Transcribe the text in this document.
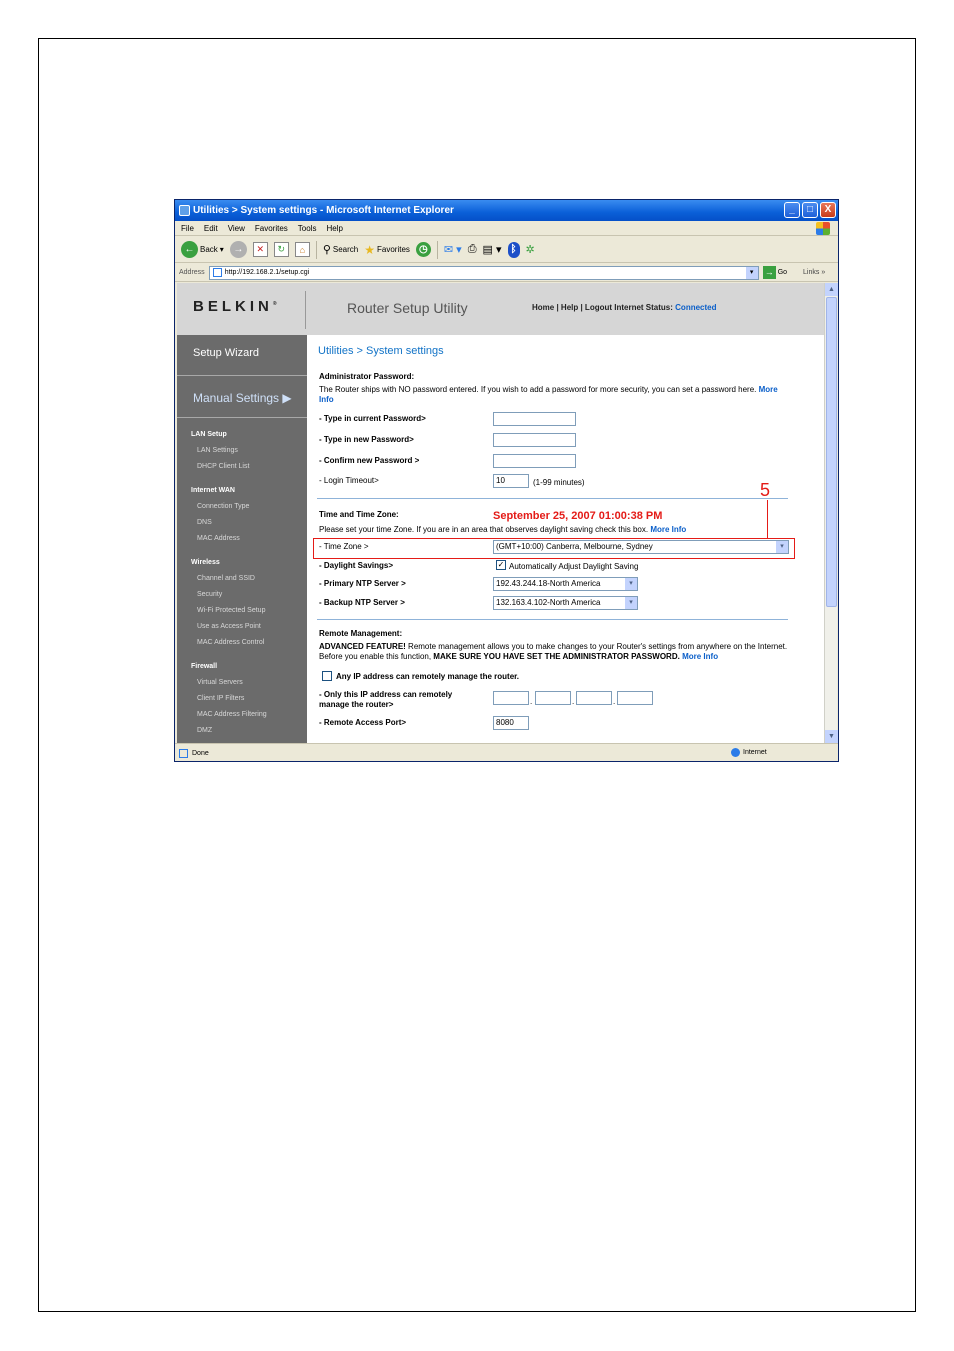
Utilities > System settings - Microsoft Internet Explorer	_	□	X
File Edit View Favorites Tools Help
← Back ▾ →	✕	↻	⌂	⚲ Search ★ Favorites ◷ ✉ ▾ ⎙ ▤ ▾ ᛒ ✲
Address	http://192.168.2.1/setup.cgi	▾	→ Go Links »
BELKIN®	Router Setup Utility	Home | Help | Logout Internet Status: Connected
Setup Wizard
Manual Settings ▶
LAN Setup
LAN Settings
DHCP Client List
Internet WAN
Connection Type
DNS
MAC Address
Wireless
Channel and SSID
Security
Wi-Fi Protected Setup
Use as Access Point
MAC Address Control
Firewall
Virtual Servers
Client IP Filters
MAC Address Filtering
DMZ
Utilities > System settings
Administrator Password:
The Router ships with NO password entered. If you wish to add a password for more security, you can set a password here. More Info
- Type in current Password>
- Type in new Password>
- Confirm new Password >
- Login Timeout>	10	(1-99 minutes)
Time and Time Zone:	September 25, 2007 01:00:38 PM
Please set your time Zone. If you are in an area that observes daylight saving check this box. More Info
- Time Zone >	(GMT+10:00) Canberra, Melbourne, Sydney	▾
- Daylight Savings>	✓ Automatically Adjust Daylight Saving
- Primary NTP Server >	192.43.244.18-North America	▾
- Backup NTP Server >	132.163.4.102-North America	▾
Remote Management:
ADVANCED FEATURE! Remote management allows you to make changes to your Router's settings from anywhere on the Internet. Before you enable this function, MAKE SURE YOU HAVE SET THE ADMINISTRATOR PASSWORD. More Info
Any IP address can remotely manage the router.
- Only this IP address can remotely manage the router>	.	.	.
- Remote Access Port>	8080
▲
▼
Done	Internet
5
